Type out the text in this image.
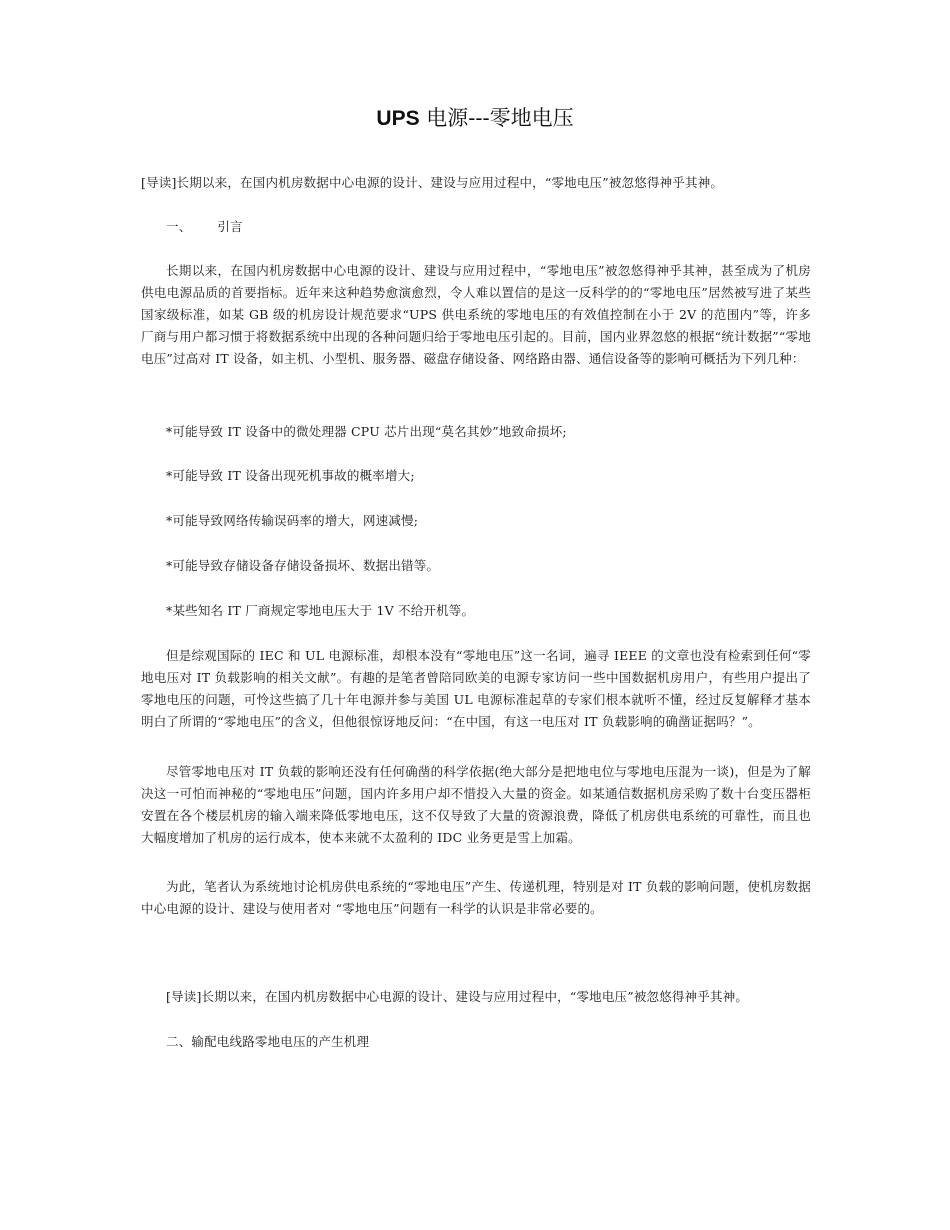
UPS 电源---零地电压

[导读]长期以来，在国内机房数据中心电源的设计、建设与应用过程中，“零地电压”被忽悠得神乎其神。

一、 引言

长期以来，在国内机房数据中心电源的设计、建设与应用过程中，“零地电压”被忽悠得神乎其神，甚至成为了机房供电电源品质的首要指标。近年来这种趋势愈演愈烈，令人难以置信的是这一反科学的的“零地电压”居然被写进了某些国家级标准，如某 GB 级的机房设计规范要求“UPS 供电系统的零地电压的有效值控制在小于 2V 的范围内”等，许多厂商与用户都习惯于将数据系统中出现的各种问题归给于零地电压引起的。目前，国内业界忽悠的根据“统计数据”“零地电压”过高对 IT 设备，如主机、小型机、服务器、磁盘存储设备、网络路由器、通信设备等的影响可概括为下列几种：

*可能导致 IT 设备中的微处理器 CPU 芯片出现“莫名其妙”地致命损坏;

*可能导致 IT 设备出现死机事故的概率增大;

*可能导致网络传输误码率的增大，网速减慢;

*可能导致存储设备存储设备损坏、数据出错等。

*某些知名 IT 厂商规定零地电压大于 1V 不给开机等。

但是综观国际的 IEC 和 UL 电源标准，却根本没有“零地电压”这一名词，遍寻 IEEE 的文章也没有检索到任何“零地电压对 IT 负载影响的相关文献”。有趣的是笔者曾陪同欧美的电源专家访问一些中国数据机房用户，有些用户提出了零地电压的问题，可怜这些搞了几十年电源并参与美国 UL 电源标准起草的专家们根本就听不懂，经过反复解释才基本明白了所谓的“零地电压”的含义，但他很惊讶地反问：“在中国，有这一电压对 IT 负载影响的确凿证据吗？”。

尽管零地电压对 IT 负载的影响还没有任何确凿的科学依据(绝大部分是把地电位与零地电压混为一谈)，但是为了解决这一可怕而神秘的“零地电压”问题，国内许多用户却不惜投入大量的资金。如某通信数据机房采购了数十台变压器柜安置在各个楼层机房的输入端来降低零地电压，这不仅导致了大量的资源浪费，降低了机房供电系统的可靠性，而且也大幅度增加了机房的运行成本，使本来就不太盈利的 IDC 业务更是雪上加霜。

为此，笔者认为系统地讨论机房供电系统的“零地电压”产生、传递机理，特别是对 IT 负载的影响问题，使机房数据中心电源的设计、建设与使用者对 “零地电压”问题有一科学的认识是非常必要的。

[导读]长期以来，在国内机房数据中心电源的设计、建设与应用过程中，“零地电压”被忽悠得神乎其神。

二、输配电线路零地电压的产生机理
